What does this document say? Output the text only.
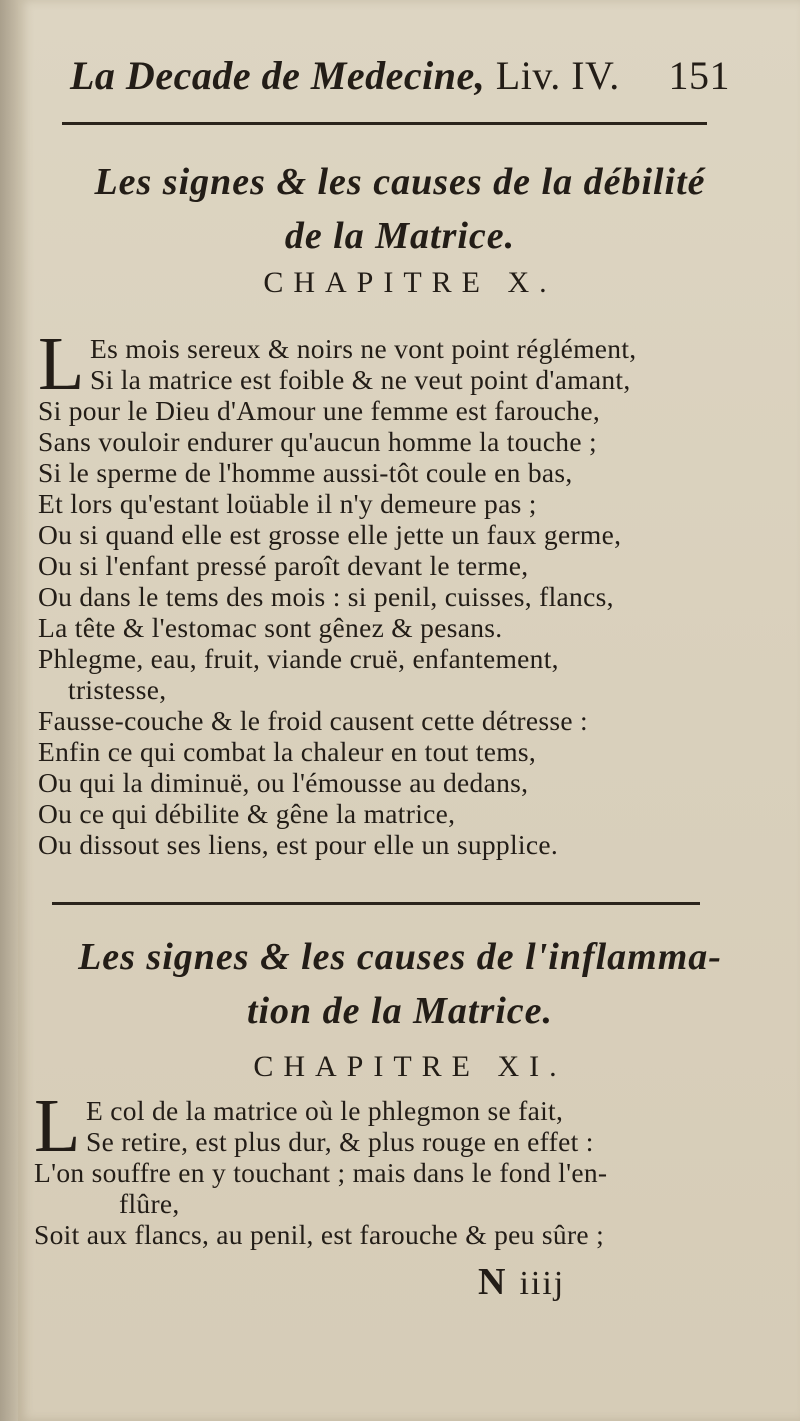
La Decade de Medecine, Liv. IV. 151
Les signes & les causes de la débilité
de la Matrice.
CHAPITRE X.
L Es mois sereux & noirs ne vont point réglément,
Si la matrice est foible & ne veut point d'amant,
Si pour le Dieu d'Amour une femme est farouche,
Sans vouloir endurer qu'aucun homme la touche ;
Si le sperme de l'homme aussi-tôt coule en bas,
Et lors qu'estant loüable il n'y demeure pas ;
Ou si quand elle est grosse elle jette un faux germe,
Ou si l'enfant pressé paroît devant le terme,
Ou dans le tems des mois : si penil, cuisses, flancs,
La tête & l'estomac sont gênez & pesans.
Phlegme, eau, fruit, viande cruë, enfantement,
tristesse,
Fausse-couche & le froid causent cette détresse :
Enfin ce qui combat la chaleur en tout tems,
Ou qui la diminuë, ou l'émousse au dedans,
Ou ce qui débilite & gêne la matrice,
Ou dissout ses liens, est pour elle un supplice.
Les signes & les causes de l'inflamma-
tion de la Matrice.
CHAPITRE XI.
L E col de la matrice où le phlegmon se fait,
Se retire, est plus dur, & plus rouge en effet :
L'on souffre en y touchant ; mais dans le fond l'en-
flûre,
Soit aux flancs, au penil, est farouche & peu sûre ;
N iiij
